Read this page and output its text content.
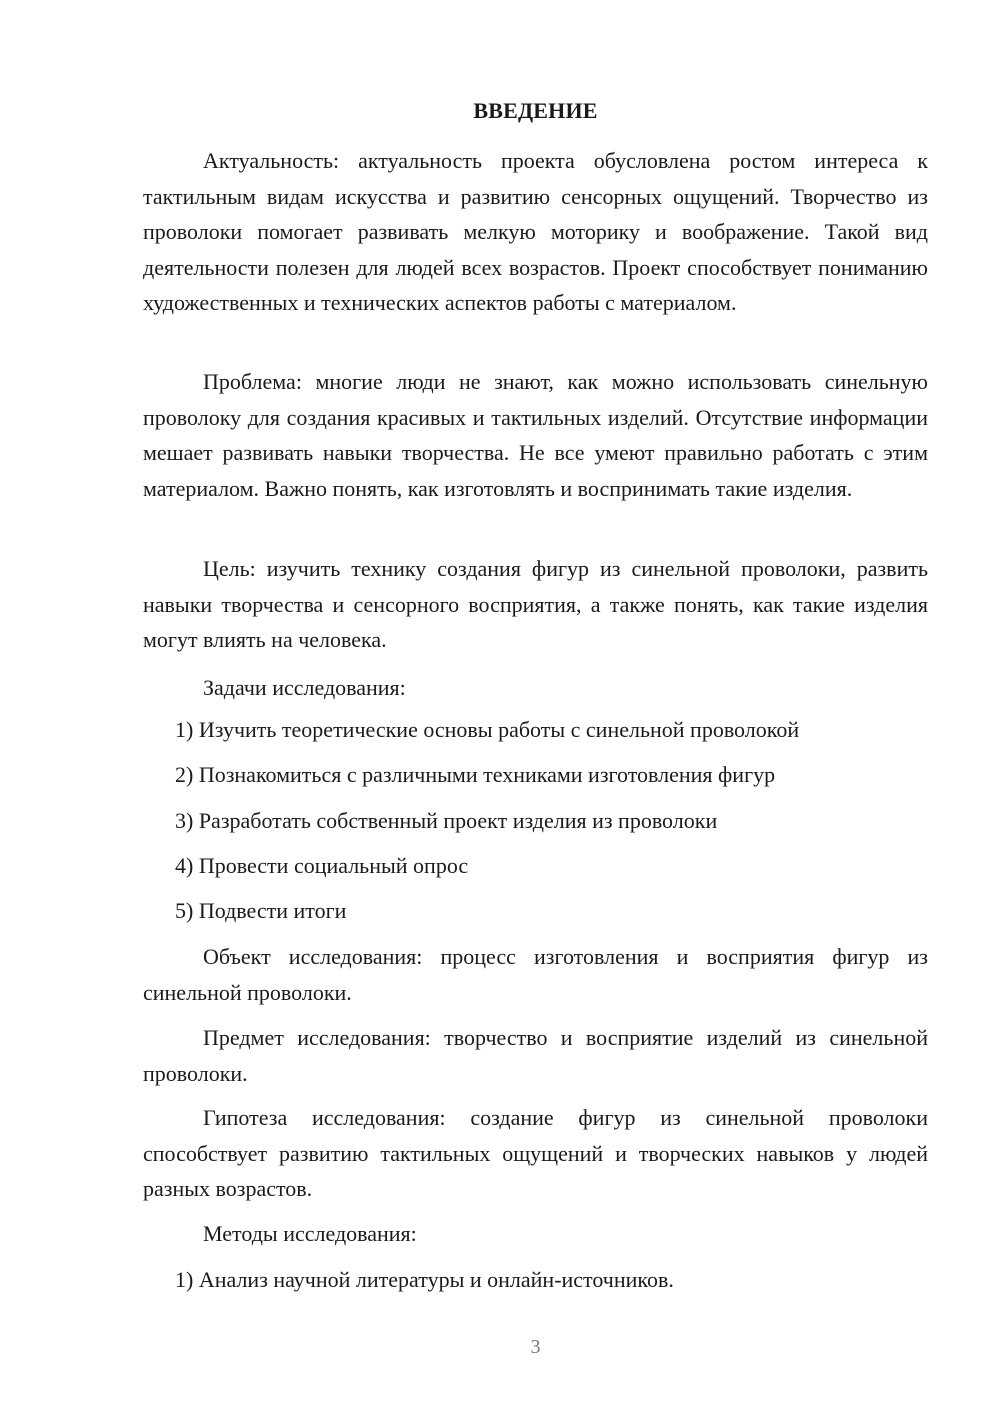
ВВЕДЕНИЕ

Актуальность: актуальность проекта обусловлена ростом интереса к тактильным видам искусства и развитию сенсорных ощущений. Творчество из проволоки помогает развивать мелкую моторику и воображение. Такой вид деятельности полезен для людей всех возрастов. Проект способствует пониманию художественных и технических аспектов работы с материалом.

Проблема: многие люди не знают, как можно использовать синельную проволоку для создания красивых и тактильных изделий. Отсутствие информации мешает развивать навыки творчества. Не все умеют правильно работать с этим материалом. Важно понять, как изготовлять и воспринимать такие изделия.

Цель: изучить технику создания фигур из синельной проволоки, развить навыки творчества и сенсорного восприятия, а также понять, как такие изделия могут влиять на человека.

Задачи исследования:

1) Изучить теоретические основы работы с синельной проволокой

2) Познакомиться с различными техниками изготовления фигур

3) Разработать собственный проект изделия из проволоки

4) Провести социальный опрос

5) Подвести итоги

Объект исследования: процесс изготовления и восприятия фигур из синельной проволоки.

Предмет исследования: творчество и восприятие изделий из синельной проволоки.

Гипотеза исследования: создание фигур из синельной проволоки способствует развитию тактильных ощущений и творческих навыков у людей разных возрастов.

Методы исследования:

1) Анализ научной литературы и онлайн-источников.

3
